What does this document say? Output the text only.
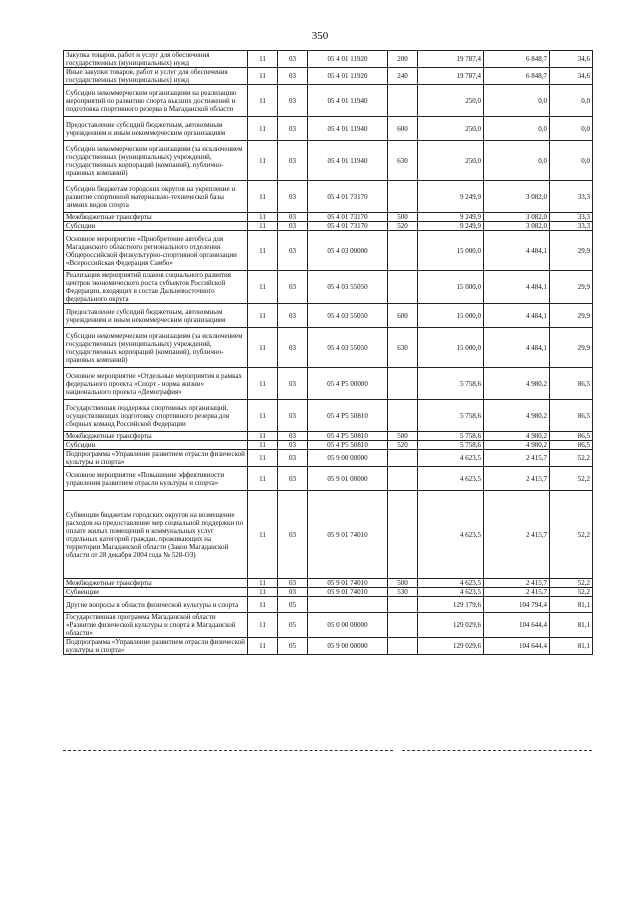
350
Закупка товаров, работ и услуг для обеспечения государственных (муниципальных) нужд	11	03	05 4 01 11920	200	19 787,4	6 848,7	34,6
Иные закупки товаров, работ и услуг для обеспечения государственных (муниципальных) нужд	11	03	05 4 01 11920	240	19 787,4	6 848,7	34,6
Субсидии некоммерческим организациям на реализацию мероприятий по развитию спорта высших достижений и подготовка спортивного резерва в Магаданской области	11	03	05 4 01 11940		250,0	0,0	0,0
Предоставление субсидий бюджетным, автономным учреждениям и иным некоммерческим организациям	11	03	05 4 01 11940	600	250,0	0,0	0,0
Субсидии некоммерческим организациям (за исключением государственных (муниципальных) учреждений, государственных корпораций (компаний), публично-правовых компаний)	11	03	05 4 01 11940	630	250,0	0,0	0,0
Субсидии бюджетам городских округов на укрепление и развитие спортивной материально-технической базы зимних видов спорта	11	03	05 4 01 73170		9 249,9	3 082,0	33,3
Межбюджетные трансферты	11	03	05 4 01 73170	500	9 249,9	3 082,0	33,3
Субсидии	11	03	05 4 01 73170	520	9 249,9	3 082,0	33,3
Основное мероприятие «Приобретение автобуса для Магаданского областного регионального отделения Общероссийской физкультурно-спортивной организации «Всероссийская Федерация Самбо»	11	03	05 4 03 00000		15 000,0	4 484,1	29,9
Реализация мероприятий планов социального развития центров экономического роста субъектов Российской Федерации, входящих в состав Дальневосточного федерального округа	11	03	05 4 03 55050		15 000,0	4 484,1	29,9
Предоставление субсидий бюджетным, автономным учреждениям и иным некоммерческим организациям	11	03	05 4 03 55050	600	15 000,0	4 484,1	29,9
Субсидии некоммерческим организациям (за исключением государственных (муниципальных) учреждений, государственных корпораций (компаний), публично-правовых компаний)	11	03	05 4 03 55050	630	15 000,0	4 484,1	29,9
Основное мероприятие «Отдельные мероприятия в рамках федерального проекта «Спорт - норма жизни» национального проекта «Демография»	11	03	05 4 P5 00000		5 758,6	4 980,2	86,5
Государственная поддержка спортивных организаций, осуществляющих подготовку спортивного резерва для сборных команд Российской Федерации	11	03	05 4 P5 50810		5 758,6	4 980,2	86,5
Межбюджетные трансферты	11	03	05 4 P5 50810	500	5 758,6	4 980,2	86,5
Субсидии	11	03	05 4 P5 50810	520	5 758,6	4 980,2	86,5
Подпрограмма «Управление развитием отрасли физической культуры и спорта»	11	03	05 9 00 00000		4 623,5	2 415,7	52,2
Основное мероприятие «Повышение эффективности управления развитием отрасли культуры и спорта»	11	03	05 9 01 00000		4 623,5	2 415,7	52,2
Субвенции бюджетам городских округов на возмещение расходов на предоставление мер социальной поддержки по оплате жилых помещений и коммунальных услуг отдельных категорий граждан, проживающих на территории Магаданской области (Закон Магаданской области от 28 декабря 2004 года № 528-ОЗ)	11	03	05 9 01 74010		4 623,5	2 415,7	52,2
Межбюджетные трансферты	11	03	05 9 01 74010	500	4 623,5	2 415,7	52,2
Субвенции	11	03	05 9 01 74010	530	4 623,5	2 415,7	52,2
Другие вопросы в области физической культуры и спорта	11	05			129 179,6	104 794,4	81,1
Государственная программа Магаданской области «Развитие физической культуры и спорта в Магаданской области»	11	05	05 0 00 00000		129 029,6	104 644,4	81,1
Подпрограмма «Управление развитием отрасли физической культуры и спорта»	11	05	05 9 00 00000		129 029,6	104 644,4	81,1
